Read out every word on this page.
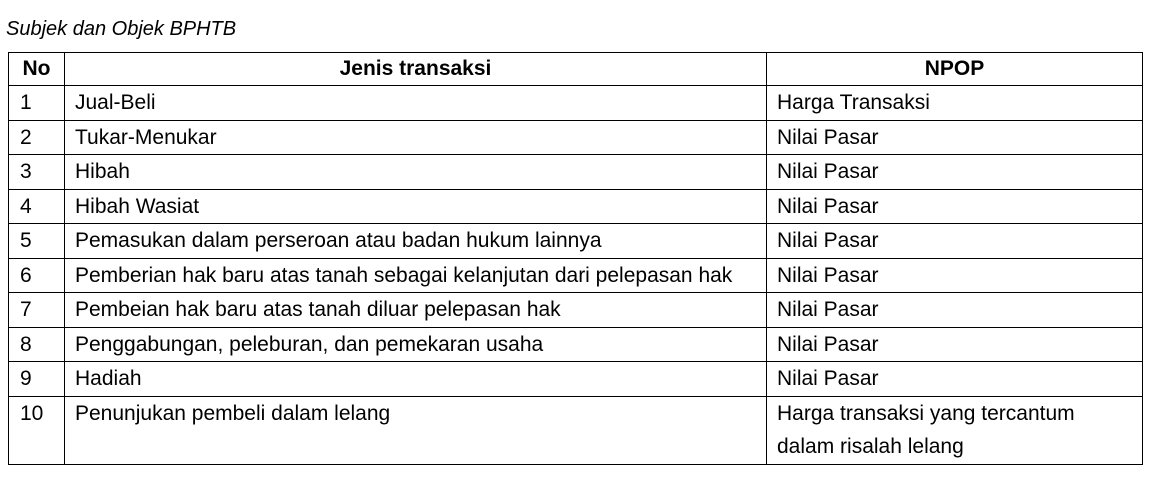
Subjek dan Objek BPHTB
No	Jenis transaksi	NPOP
1	Jual-Beli	Harga Transaksi
2	Tukar-Menukar	Nilai Pasar
3	Hibah	Nilai Pasar
4	Hibah Wasiat	Nilai Pasar
5	Pemasukan dalam perseroan atau badan hukum lainnya	Nilai Pasar
6	Pemberian hak baru atas tanah sebagai kelanjutan dari pelepasan hak	Nilai Pasar
7	Pembeian hak baru atas tanah diluar pelepasan hak	Nilai Pasar
8	Penggabungan, peleburan, dan pemekaran usaha	Nilai Pasar
9	Hadiah	Nilai Pasar
10	Penunjukan pembeli dalam lelang	Harga transaksi yang tercantum dalam risalah lelang
